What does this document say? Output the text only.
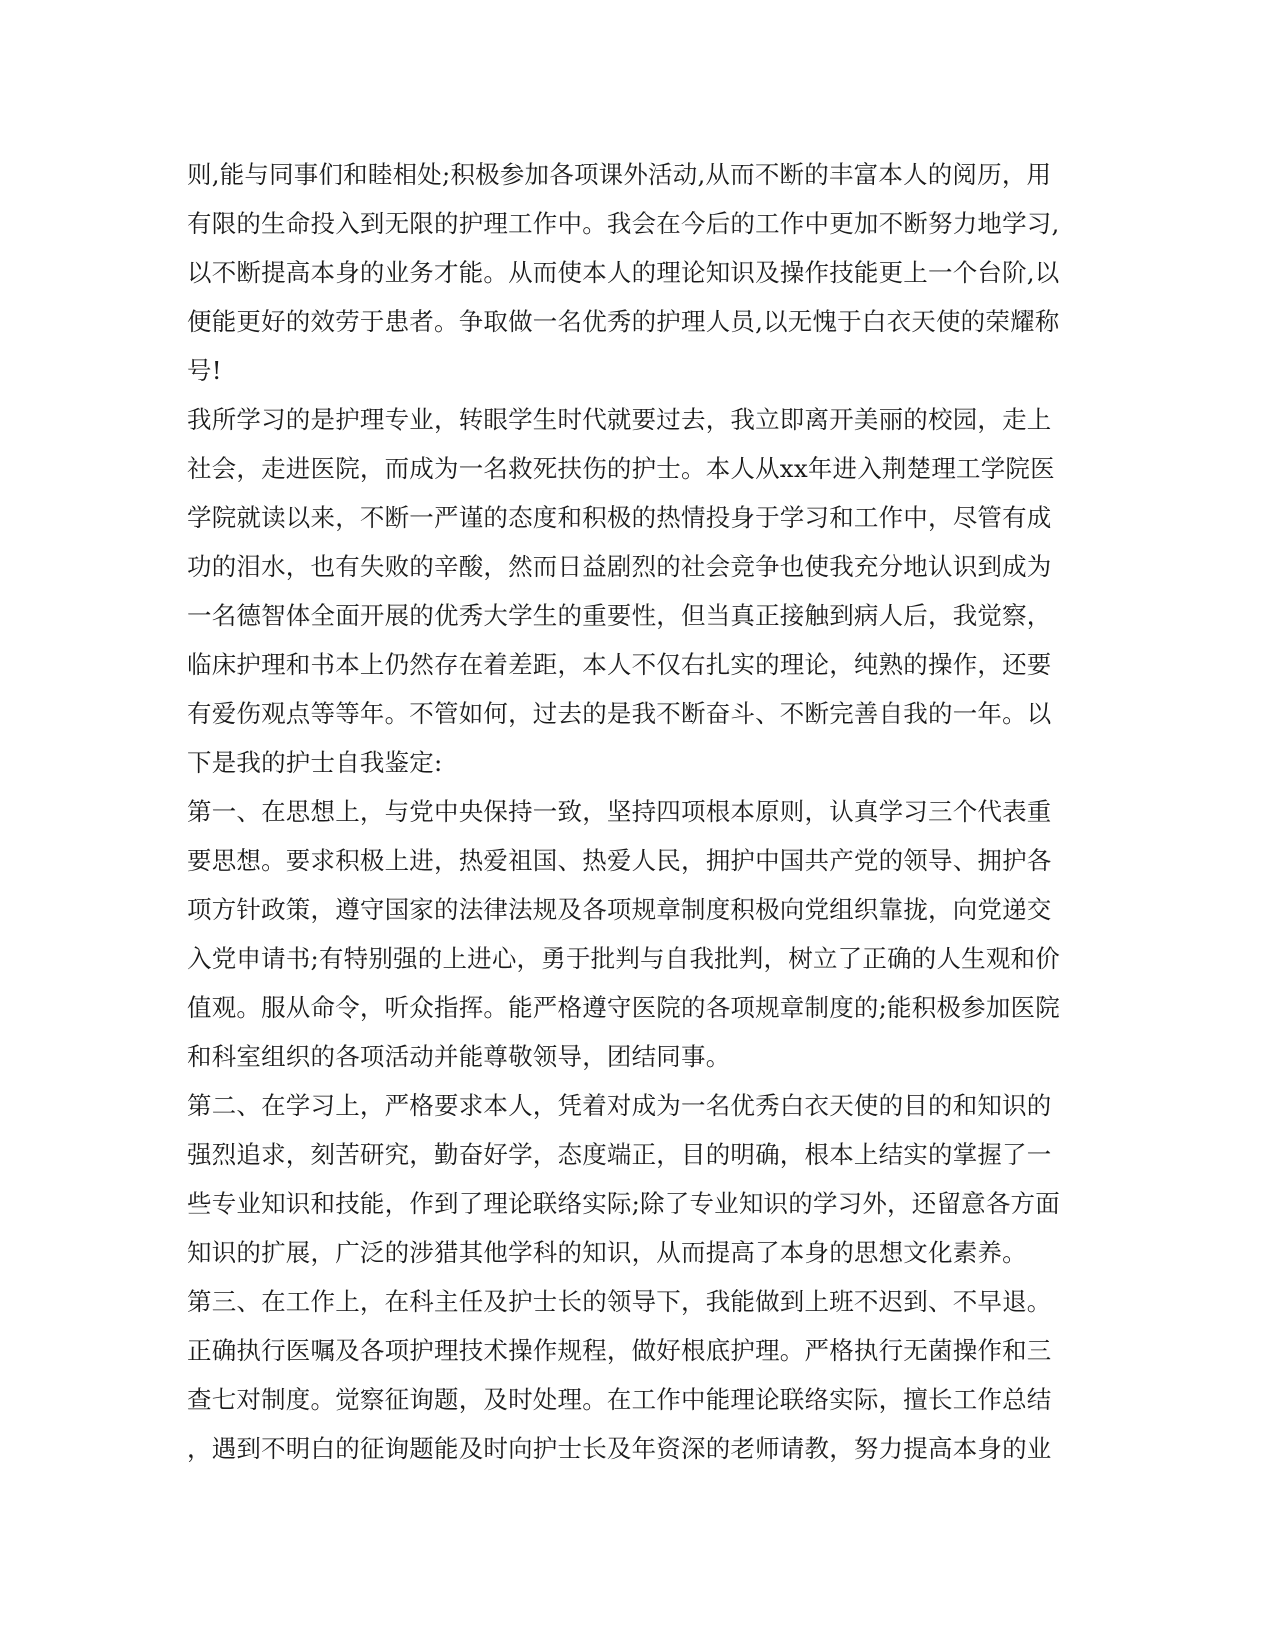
则,能与同事们和睦相处;积极参加各项课外活动,从而不断的丰富本人的阅历，用
有限的生命投入到无限的护理工作中。我会在今后的工作中更加不断努力地学习,
以不断提高本身的业务才能。从而使本人的理论知识及操作技能更上一个台阶,以
便能更好的效劳于患者。争取做一名优秀的护理人员,以无愧于白衣天使的荣耀称
号!
我所学习的是护理专业，转眼学生时代就要过去，我立即离开美丽的校园，走上
社会，走进医院，而成为一名救死扶伤的护士。本人从xx年进入荆楚理工学院医
学院就读以来，不断一严谨的态度和积极的热情投身于学习和工作中，尽管有成
功的泪水，也有失败的辛酸，然而日益剧烈的社会竞争也使我充分地认识到成为
一名德智体全面开展的优秀大学生的重要性，但当真正接触到病人后，我觉察，
临床护理和书本上仍然存在着差距，本人不仅右扎实的理论，纯熟的操作，还要
有爱伤观点等等年。不管如何，过去的是我不断奋斗、不断完善自我的一年。以
下是我的护士自我鉴定:
第一、在思想上，与党中央保持一致，坚持四项根本原则，认真学习三个代表重
要思想。要求积极上进，热爱祖国、热爱人民，拥护中国共产党的领导、拥护各
项方针政策，遵守国家的法律法规及各项规章制度积极向党组织靠拢，向党递交
入党申请书;有特别强的上进心，勇于批判与自我批判，树立了正确的人生观和价
值观。服从命令，听众指挥。能严格遵守医院的各项规章制度的;能积极参加医院
和科室组织的各项活动并能尊敬领导，团结同事。
第二、在学习上，严格要求本人，凭着对成为一名优秀白衣天使的目的和知识的
强烈追求，刻苦研究，勤奋好学，态度端正，目的明确，根本上结实的掌握了一
些专业知识和技能，作到了理论联络实际;除了专业知识的学习外，还留意各方面
知识的扩展，广泛的涉猎其他学科的知识，从而提高了本身的思想文化素养。
第三、在工作上，在科主任及护士长的领导下，我能做到上班不迟到、不早退。
正确执行医嘱及各项护理技术操作规程，做好根底护理。严格执行无菌操作和三
查七对制度。觉察征询题，及时处理。在工作中能理论联络实际，擅长工作总结
，遇到不明白的征询题能及时向护士长及年资深的老师请教，努力提高本身的业
